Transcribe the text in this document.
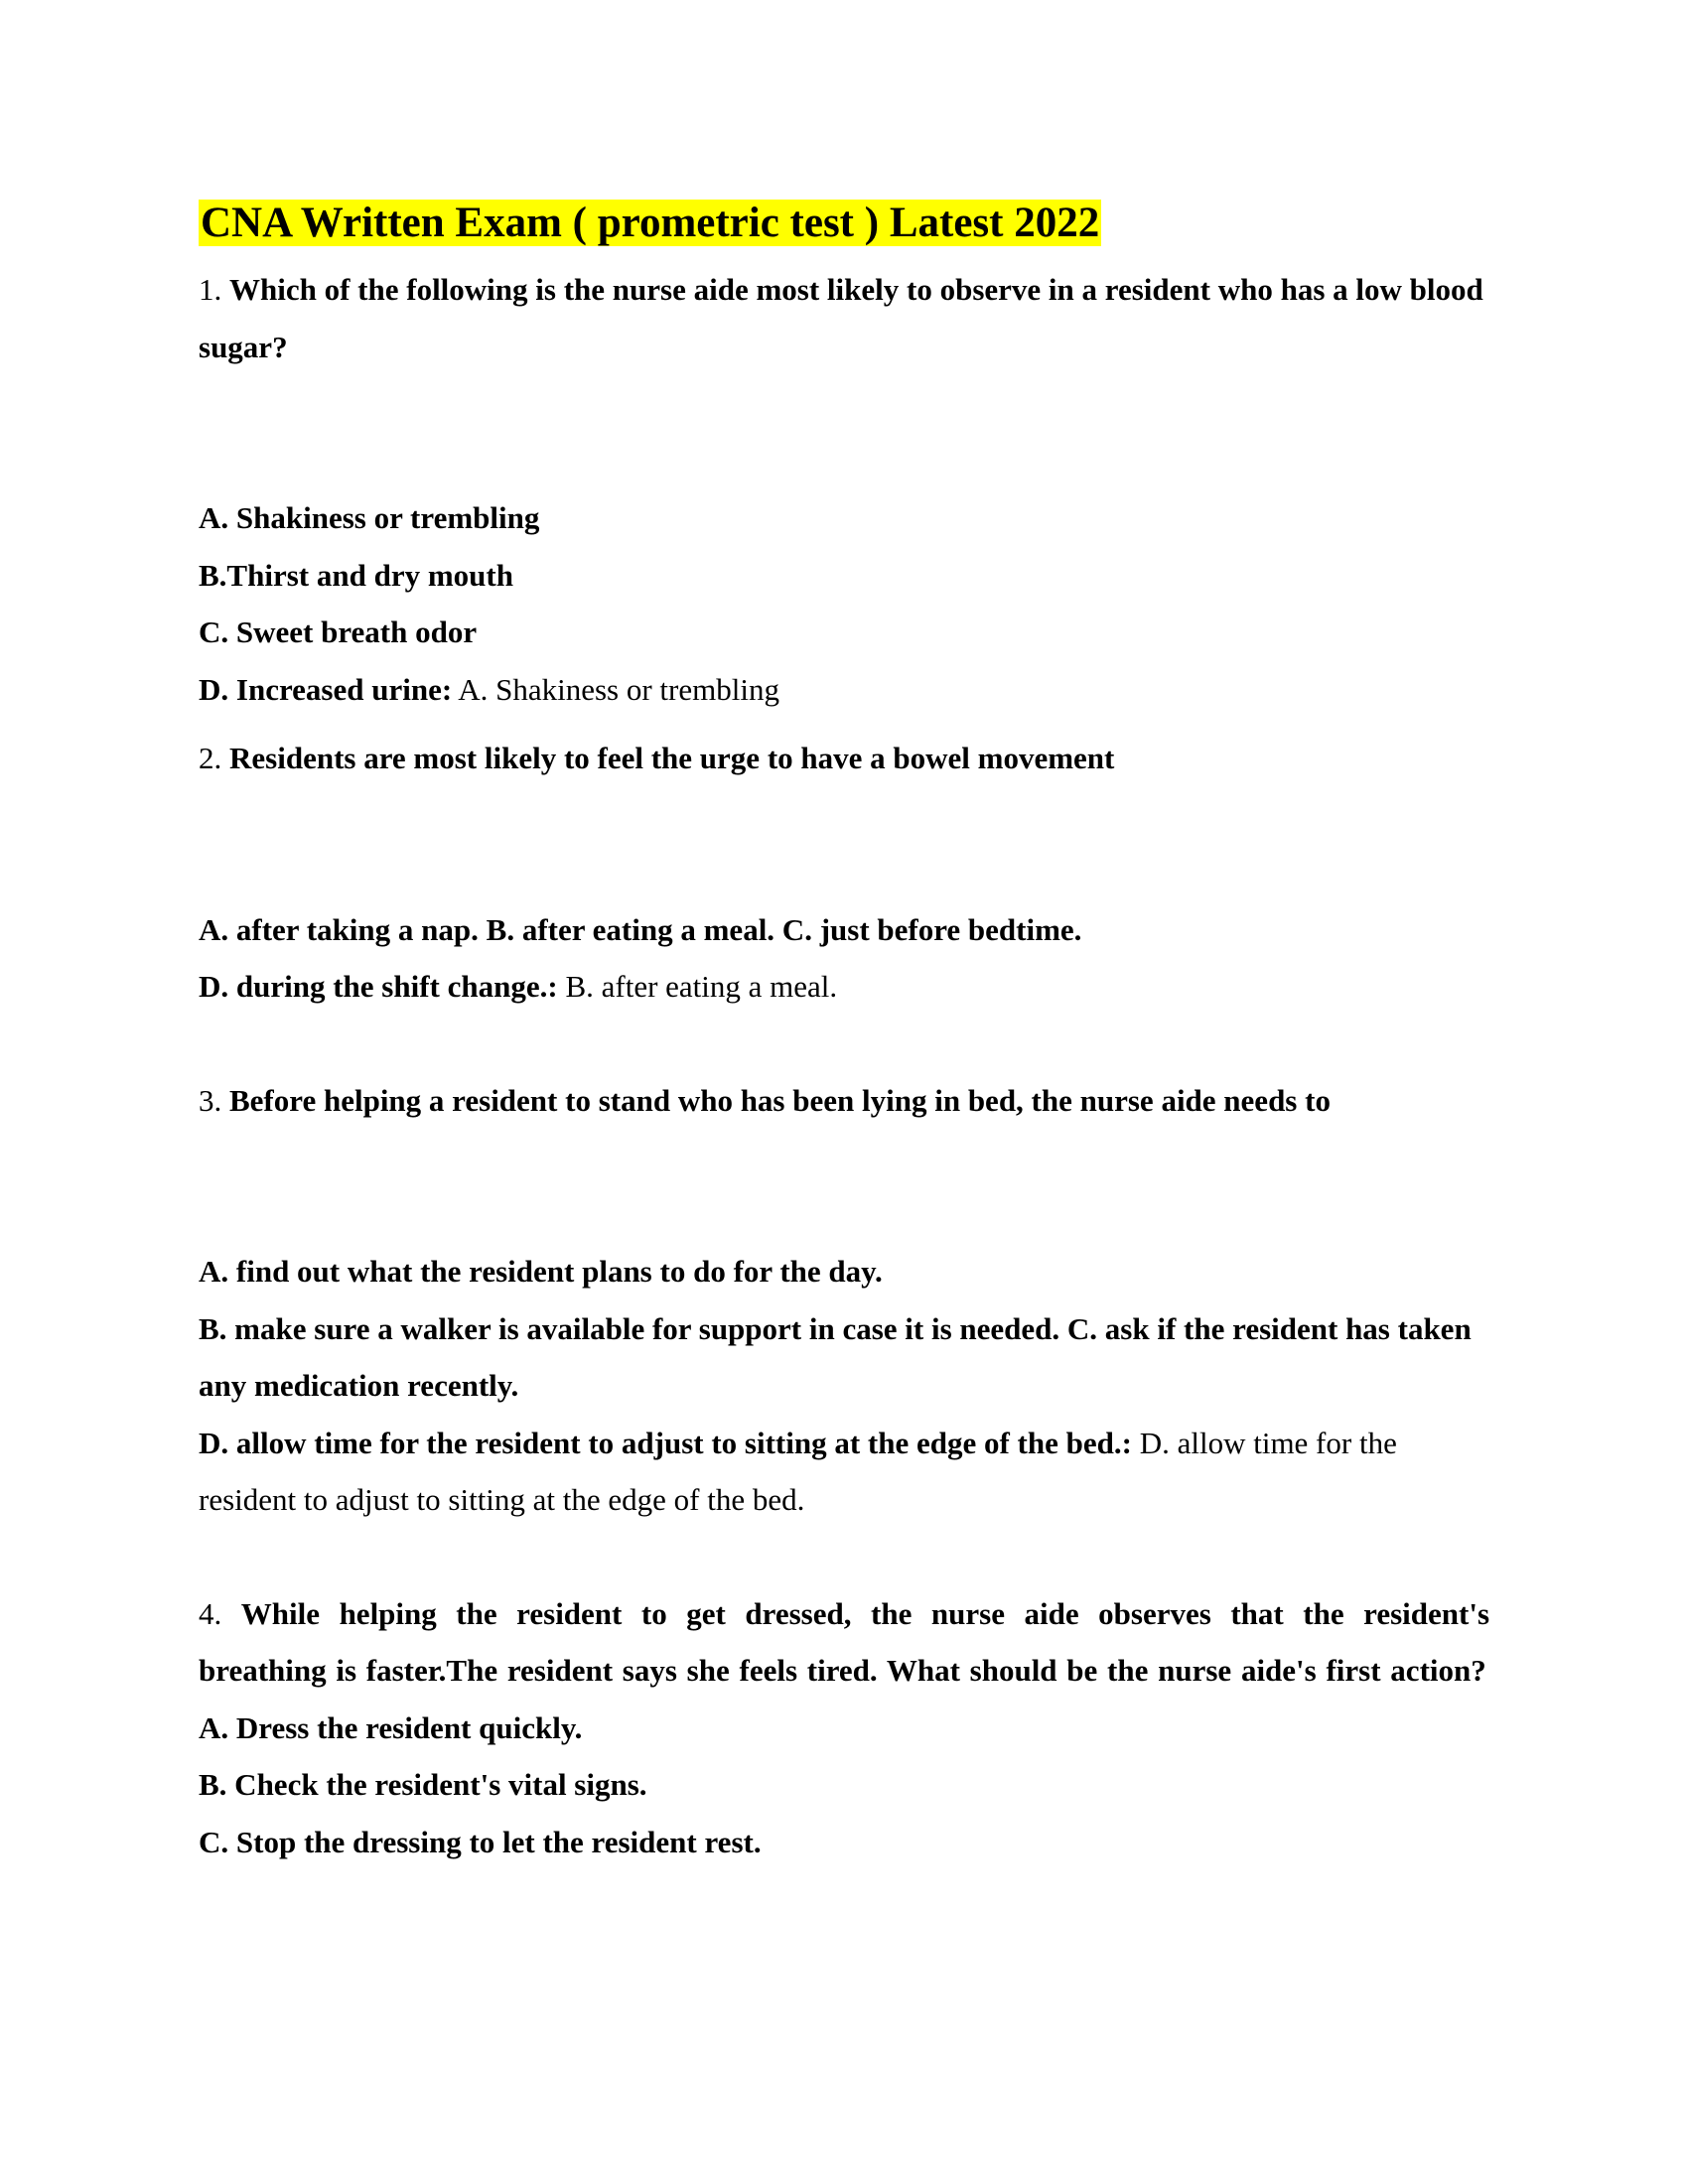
CNA Written Exam ( prometric test ) Latest 2022

1. Which of the following is the nurse aide most likely to observe in a resident who has a low blood sugar?

A. Shakiness or trembling

B.Thirst and dry mouth

C. Sweet breath odor

D. Increased urine: A. Shakiness or trembling

2. Residents are most likely to feel the urge to have a bowel movement

A. after taking a nap. B. after eating a meal. C. just before bedtime.

D. during the shift change.: B. after eating a meal.

3. Before helping a resident to stand who has been lying in bed, the nurse aide needs to

A. find out what the resident plans to do for the day.

B. make sure a walker is available for support in case it is needed. C. ask if the resident has taken any medication recently.

D. allow time for the resident to adjust to sitting at the edge of the bed.: D. allow time for the resident to adjust to sitting at the edge of the bed.

4. While helping the resident to get dressed, the nurse aide observes that the resident's breathing is faster.The resident says she feels tired. What should be the nurse aide's first action?

A. Dress the resident quickly.

B. Check the resident's vital signs.

C. Stop the dressing to let the resident rest.
